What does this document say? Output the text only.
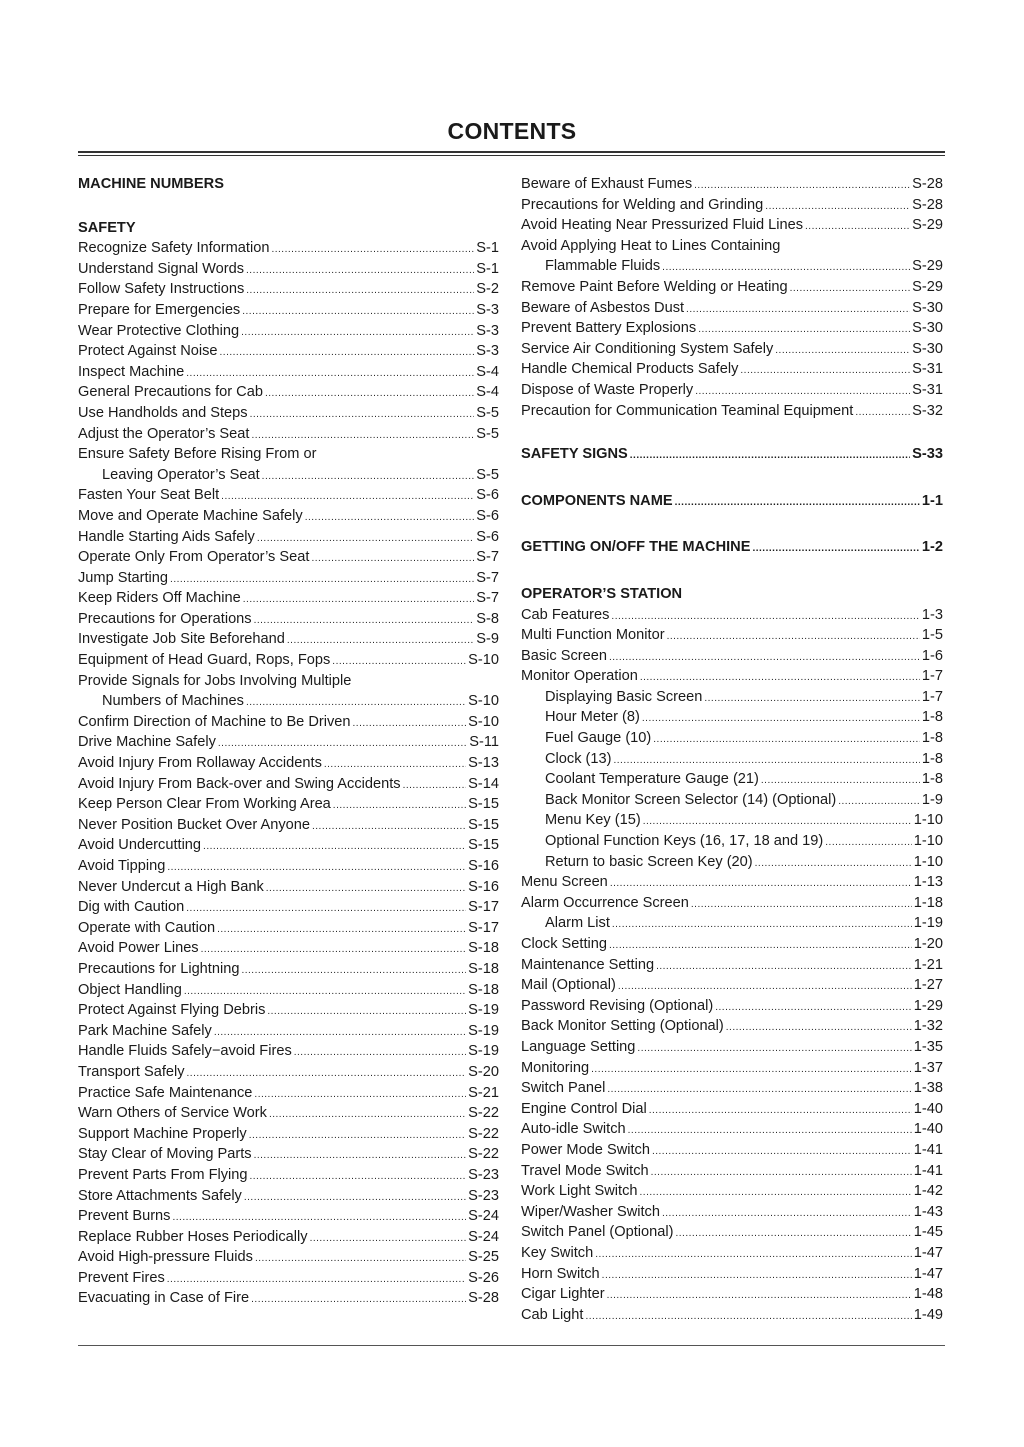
CONTENTS
MACHINE NUMBERS
SAFETY
Recognize Safety Information .....	S-1
Understand Signal Words .....	S-1
Follow Safety Instructions .....	S-2
Prepare for Emergencies .....	S-3
Wear Protective Clothing .....	S-3
Protect Against Noise .....	S-3
Inspect Machine .....	S-4
General Precautions for Cab .....	S-4
Use Handholds and Steps .....	S-5
Adjust the Operator’s Seat .....	S-5
Ensure Safety Before Rising From or
Leaving Operator’s Seat .....	S-5
Fasten Your Seat Belt .....	S-6
Move and Operate Machine Safely .....	S-6
Handle Starting Aids Safely .....	S-6
Operate Only From Operator’s Seat .....	S-7
Jump Starting .....	S-7
Keep Riders Off Machine .....	S-7
Precautions for Operations .....	S-8
Investigate Job Site Beforehand .....	S-9
Equipment of Head Guard, Rops, Fops .....	S-10
Provide Signals for Jobs Involving Multiple
Numbers of Machines .....	S-10
Confirm Direction of Machine to Be Driven .....	S-10
Drive Machine Safely .....	S-11
Avoid Injury From Rollaway Accidents .....	S-13
Avoid Injury From Back-over and Swing Accidents .....	S-14
Keep Person Clear From Working Area .....	S-15
Never Position Bucket Over Anyone .....	S-15
Avoid Undercutting .....	S-15
Avoid Tipping .....	S-16
Never Undercut a High Bank .....	S-16
Dig with Caution .....	S-17
Operate with Caution .....	S-17
Avoid Power Lines .....	S-18
Precautions for Lightning .....	S-18
Object Handling .....	S-18
Protect Against Flying Debris .....	S-19
Park Machine Safely .....	S-19
Handle Fluids Safely−avoid Fires .....	S-19
Transport Safely .....	S-20
Practice Safe Maintenance .....	S-21
Warn Others of Service Work .....	S-22
Support Machine Properly .....	S-22
Stay Clear of Moving Parts .....	S-22
Prevent Parts From Flying .....	S-23
Store Attachments Safely .....	S-23
Prevent Burns .....	S-24
Replace Rubber Hoses Periodically .....	S-24
Avoid High-pressure Fluids .....	S-25
Prevent Fires .....	S-26
Evacuating in Case of Fire .....	S-28
Beware of Exhaust Fumes .....	S-28
Precautions for Welding and Grinding .....	S-28
Avoid Heating Near Pressurized Fluid Lines .....	S-29
Avoid Applying Heat to Lines Containing
Flammable Fluids .....	S-29
Remove Paint Before Welding or Heating .....	S-29
Beware of Asbestos Dust .....	S-30
Prevent Battery Explosions .....	S-30
Service Air Conditioning System Safely .....	S-30
Handle Chemical Products Safely .....	S-31
Dispose of Waste Properly .....	S-31
Precaution for Communication Teaminal Equipment .....	S-32
SAFETY SIGNS .....	S-33
COMPONENTS NAME .....	1-1
GETTING ON/OFF THE MACHINE .....	1-2
OPERATOR’S STATION
Cab Features .....	1-3
Multi Function Monitor .....	1-5
Basic Screen .....	1-6
Monitor Operation .....	1-7
Displaying Basic Screen .....	1-7
Hour Meter (8) .....	1-8
Fuel Gauge (10) .....	1-8
Clock (13) .....	1-8
Coolant Temperature Gauge (21) .....	1-8
Back Monitor Screen Selector (14) (Optional) .....	1-9
Menu Key (15) .....	1-10
Optional Function Keys (16, 17, 18 and 19) .....	1-10
Return to basic Screen Key (20) .....	1-10
Menu Screen .....	1-13
Alarm Occurrence Screen .....	1-18
Alarm List .....	1-19
Clock Setting .....	1-20
Maintenance Setting .....	1-21
Mail (Optional) .....	1-27
Password Revising (Optional) .....	1-29
Back Monitor Setting (Optional) .....	1-32
Language Setting .....	1-35
Monitoring .....	1-37
Switch Panel .....	1-38
Engine Control Dial .....	1-40
Auto-idle Switch .....	1-40
Power Mode Switch .....	1-41
Travel Mode Switch .....	1-41
Work Light Switch .....	1-42
Wiper/Washer Switch .....	1-43
Switch Panel (Optional) .....	1-45
Key Switch .....	1-47
Horn Switch .....	1-47
Cigar Lighter .....	1-48
Cab Light .....	1-49
